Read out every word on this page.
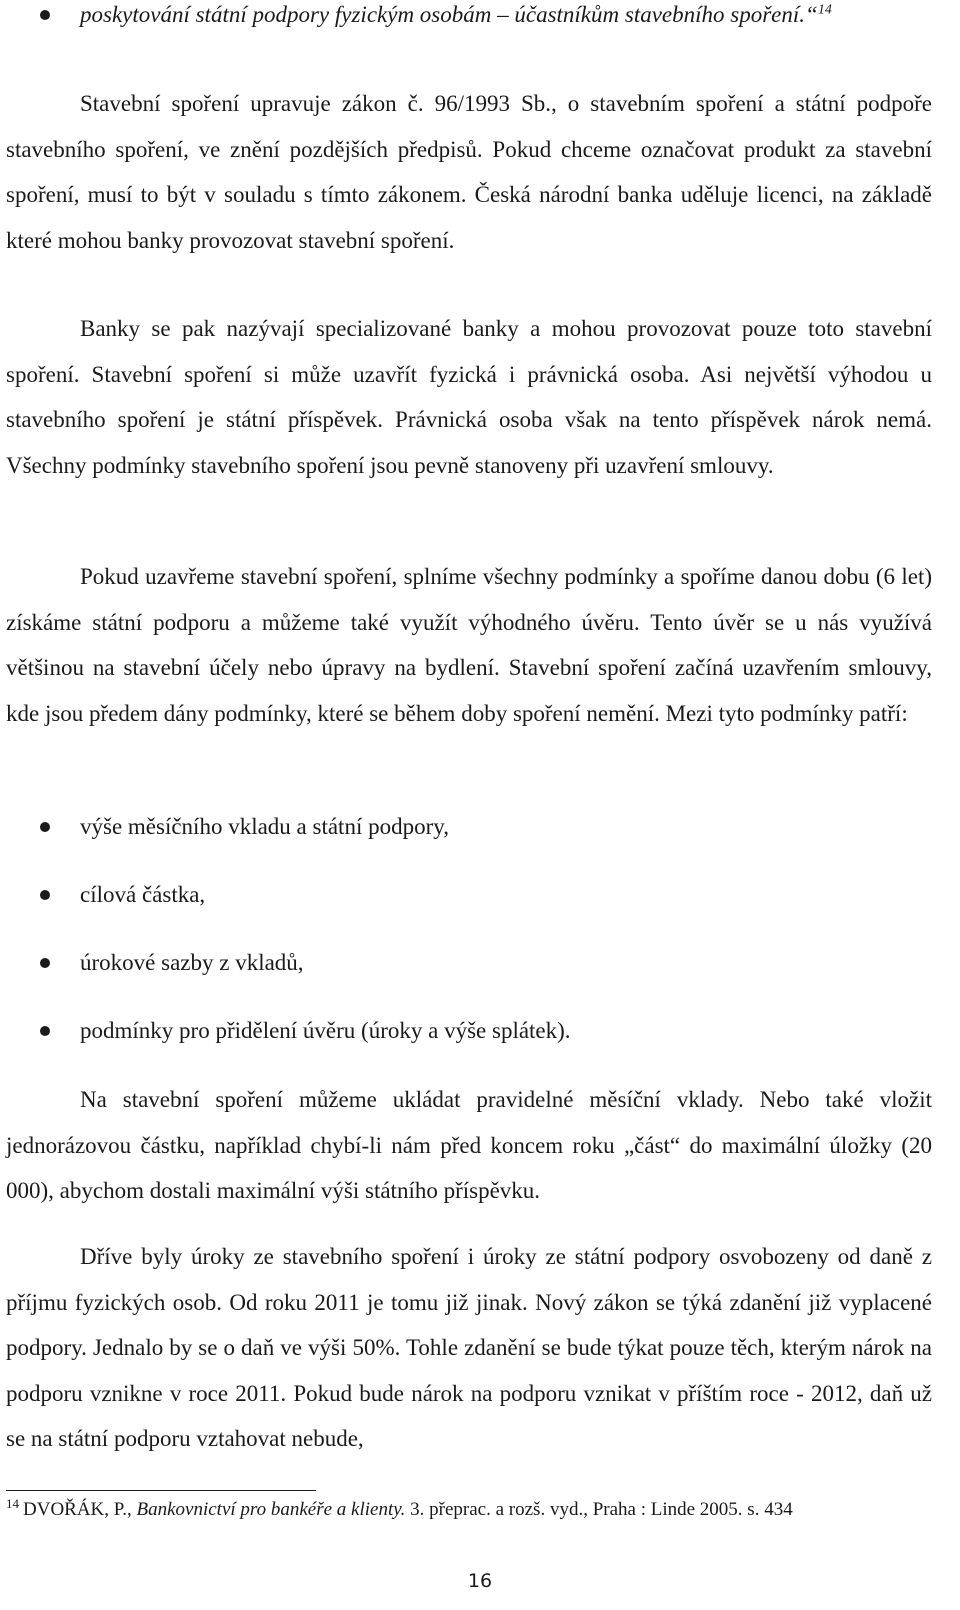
poskytování státní podpory fyzickým osobám – účastníkům stavebního spoření.“$^{14}$

Stavební spoření upravuje zákon č. 96/1993 Sb., o stavebním spoření a státní podpoře stavebního spoření, ve znění pozdějších předpisů. Pokud chceme označovat produkt za stavební spoření, musí to být v souladu s tímto zákonem. Česká národní banka uděluje licenci, na základě které mohou banky provozovat stavební spoření.

Banky se pak nazývají specializované banky a mohou provozovat pouze toto stavební spoření. Stavební spoření si může uzavřít fyzická i právnická osoba. Asi největší výhodou u stavebního spoření je státní příspěvek. Právnická osoba však na tento příspěvek nárok nemá. Všechny podmínky stavebního spoření jsou pevně stanoveny při uzavření smlouvy.

Pokud uzavřeme stavební spoření, splníme všechny podmínky a spoříme danou dobu (6 let) získáme státní podporu a můžeme také využít výhodného úvěru. Tento úvěr se u nás využívá většinou na stavební účely nebo úpravy na bydlení. Stavební spoření začíná uzavřením smlouvy, kde jsou předem dány podmínky, které se během doby spoření nemění. Mezi tyto podmínky patří:

výše měsíčního vkladu a státní podpory,
cílová částka,
úrokové sazby z vkladů,
podmínky pro přidělení úvěru (úroky a výše splátek).

Na stavební spoření můžeme ukládat pravidelné měsíční vklady. Nebo také vložit jednorázovou částku, například chybí-li nám před koncem roku „část“ do maximální úložky (20 000), abychom dostali maximální výši státního příspěvku.

Dříve byly úroky ze stavebního spoření i úroky ze státní podpory osvobozeny od daně z příjmu fyzických osob. Od roku 2011 je tomu již jinak. Nový zákon se týká zdanění již vyplacené podpory. Jednalo by se o daň ve výši 50%. Tohle zdanění se bude týkat pouze těch, kterým nárok na podporu vznikne v roce 2011. Pokud bude nárok na podporu vznikat v příštím roce - 2012, daň už se na státní podporu vztahovat nebude,

$^{14}$ DVOŘÁK, P., Bankovnictví pro bankéře a klienty. 3. přeprac. a rozš. vyd., Praha : Linde 2005. s. 434
16
